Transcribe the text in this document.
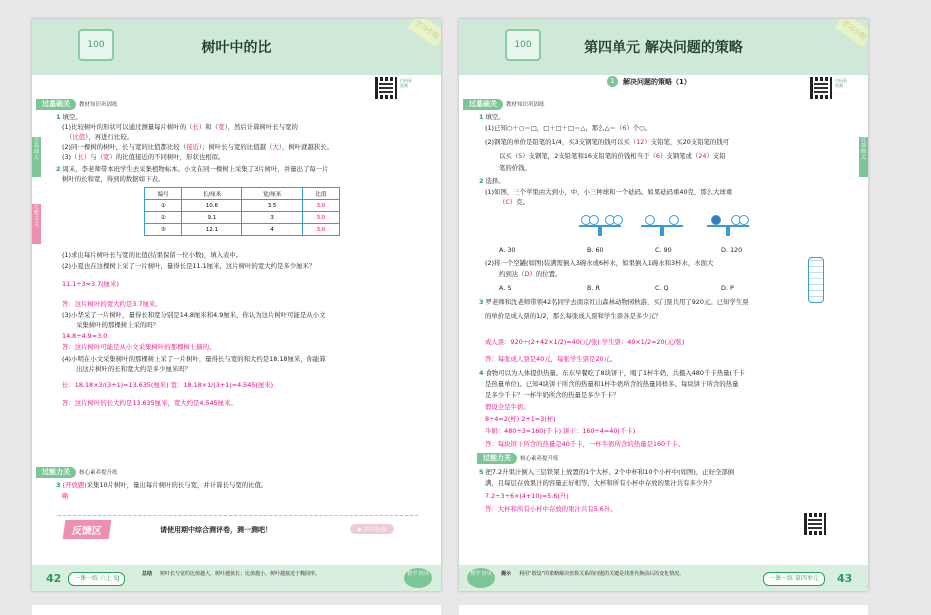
100	树叶中的比
学习小组
扫码看视频
过基础关 教材知识巩固练
过基础关
过能力关
1 填空。
(1)比较树叶的形状可以通过测量每片树叶的（长）和（宽），然后计算树叶长与宽的
（比值），再进行比较。
(2)同一棵树的树叶，长与宽的比值都比较（接近）；树叶长与宽的比值越（大），树叶就越狭长。
(3)（长）与（宽）的比值接近的不同树叶，形状也相似。
2 周末，李老师带本班学生去采集植物标本。小文在同一棵树上采集了3片树叶，并量出了每一片
树叶的长和宽，得到的数据如下表。
编号	长/厘米	宽/厘米	比值
①	10.6	3.5	3.0
②	9.1	3	3.0
③	12.1	4	3.0
(1)求出每片树叶长与宽的比值(结果保留一位小数)，填入表中。
(2)小夏也在这棵树上采了一片树叶，量得长是11.1厘米，这片树叶的宽大约是多少厘米？
11.1÷3=3.7(厘米)
答：这片树叶的宽大约是3.7厘米。
(3)小华采了一片树叶，量得长和宽分别是14.8厘米和4.9厘米，你认为这片树叶可能是从小文
采集树叶的那棵树上采的吗？
14.8÷4.9≈3.0
答：这片树叶可能是从小文采集树叶的那棵树上摘的。
(4)小明在小文采集树叶的那棵树上采了一片树叶，量得长与宽的和大约是18.18厘米，你能算
出这片树叶的长和宽大约是多少厘米吗？
长：18.18×3/(3+1)=13.635(厘米) 宽：18.18×1/(3+1)=4.545(厘米)
答：这片树叶的长大约是13.635厘米，宽大约是4.545厘米。
过能力关 核心素养提升练
3 (开放题)采集10片树叶，量出每片树叶的长与宽，并计算长与宽的比值。
略
反馈区	请使用期中综合测评卷，测一测吧！	▶ 活活卷卷
42	一课一练 六上 SJ
总结 树叶长与宽的比值越大，树叶越狭长；比值越小，树叶越接近于椭圆形。	数学 拾贝
100	第四单元 解决问题的策略
学习小组
1	解决问题的策略（1）	扫码看视频
过基础关 教材知识巩固练
过基础关
1 填空。
(1)已知○＋○＝□，□＋□＋□＝△，那么△＝（6）个○。
(2)钢笔的单价是铅笔的1/4，买3支钢笔的钱可以买（12）支铅笔，买20支铅笔的钱可
以买（5）支钢笔，2支铅笔和16支铅笔的价钱相当于（6）支钢笔或（24）支铅
笔的价钱。
2 选择。
(1)如图，三个苹果由大到小，中，小三种球和一个砝码。如果砝码重40克，那么大球重
（C）克。
A. 30	B. 60	C. 90	D. 120
(2)将一个空罐(如图)装满需倒入3碗水或6杯水，如果倒入1碗水和3杯水，水面大
约到达（D）的位置。
A. S	B. R	C. Q	D. P
3 罗老师和沈老师带领42名同学去南京红山森林动物园秋游，买门票共用了920元。已知学生票
的单价是成人票的1/2，那么每张成人票和学生票各是多少元？
成人票：920÷(2+42×1/2)=40(元/张) 学生票：40×1/2=20(元/张)
答：每张成人票是40元，每张学生票是20元。
4 食物可以为人体提供热量。东东早餐吃了8块饼干，喝了1杯牛奶，共摄入480千卡热量(千卡
是热量单位)。已知4块饼干所含的热量和1杯牛奶所含的热量同样多。每块饼干所含的热量
是多少千卡？一杯牛奶所含的热量是多少千卡？
假设全是牛奶。
8÷4=2(杯) 2+1=3(杯)
牛奶：480÷3=160(千卡) 饼干：160÷4=40(千卡)
答：每块饼干所含的热量是40千卡，一杯牛奶所含的热量是160千卡。
过能力关 核心素养提升练
5 把7.2升果汁倒入三层铁架上放置的1个大杯、2个中杯和10个小杯中(如图)，正好全部倒
满，且每层存放果汁的容量正好相等，大杯和所有小杯中存放的果汁共有多少升？
7.2÷3÷6×(4+10)=5.6(升)
答：大杯和所有小杯中存放的果汁共有5.6升。
数学 拾贝	提示 利用“假设”的策略解决倍数关系的问题的关键是找准代换前后的变化情况。
一课一练 第四单元	43
